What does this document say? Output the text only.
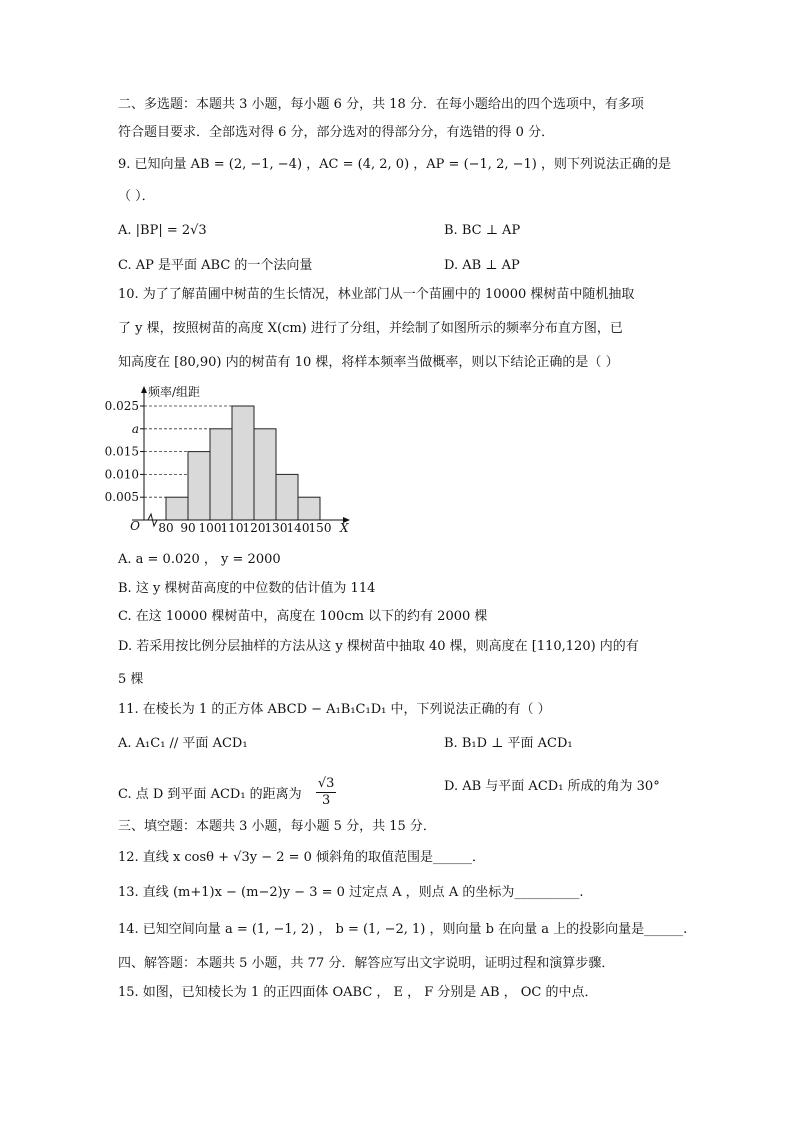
二、多选题：本题共 3 小题，每小题 6 分，共 18 分．在每小题给出的四个选项中，有多项
符合题目要求．全部选对得 6 分，部分选对的得部分分，有选错的得 0 分．
9. 已知向量 AB = (2, −1, −4) ，AC = (4, 2, 0) ，AP = (−1, 2, −1) ，则下列说法正确的是
（ ）．
A. |BP| = 2√3	B. BC ⊥ AP
C. AP 是平面 ABC 的一个法向量	D. AB ⊥ AP
10. 为了了解苗圃中树苗的生长情况，林业部门从一个苗圃中的 10000 棵树苗中随机抽取
了 y 棵，按照树苗的高度 X(cm) 进行了分组，并绘制了如图所示的频率分布直方图，已
知高度在 [80,90) 内的树苗有 10 棵，将样本频率当做概率，则以下结论正确的是（ ）
0.005
0.010
0.015
a
0.025
80 90 100 110 120 130 140 150
频率/组距
X
O
A. a = 0.020 ， y = 2000
B. 这 y 棵树苗高度的中位数的估计值为 114
C. 在这 10000 棵树苗中，高度在 100cm 以下的约有 2000 棵
D. 若采用按比例分层抽样的方法从这 y 棵树苗中抽取 40 棵，则高度在 [110,120) 内的有
5 棵
11. 在棱长为 1 的正方体 ABCD − A₁B₁C₁D₁ 中，下列说法正确的有（ ）
A. A₁C₁ // 平面 ACD₁	B. B₁D ⊥ 平面 ACD₁
C. 点 D 到平面 ACD₁ 的距离为 $\frac{√3}{3}$	D. AB 与平面 ACD₁ 所成的角为 30°
三、填空题：本题共 3 小题，每小题 5 分，共 15 分．
12. 直线 x cosθ + √3y − 2 = 0 倾斜角的取值范围是______．
13. 直线 (m+1)x − (m−2)y − 3 = 0 过定点 A ，则点 A 的坐标为__________.
14. 已知空间向量 a = (1, −1, 2) ， b = (1, −2, 1) ，则向量 b 在向量 a 上的投影向量是______.
四、解答题：本题共 5 小题，共 77 分．解答应写出文字说明，证明过程和演算步骤．
15. 如图，已知棱长为 1 的正四面体 OABC ， E ， F 分别是 AB ， OC 的中点．
